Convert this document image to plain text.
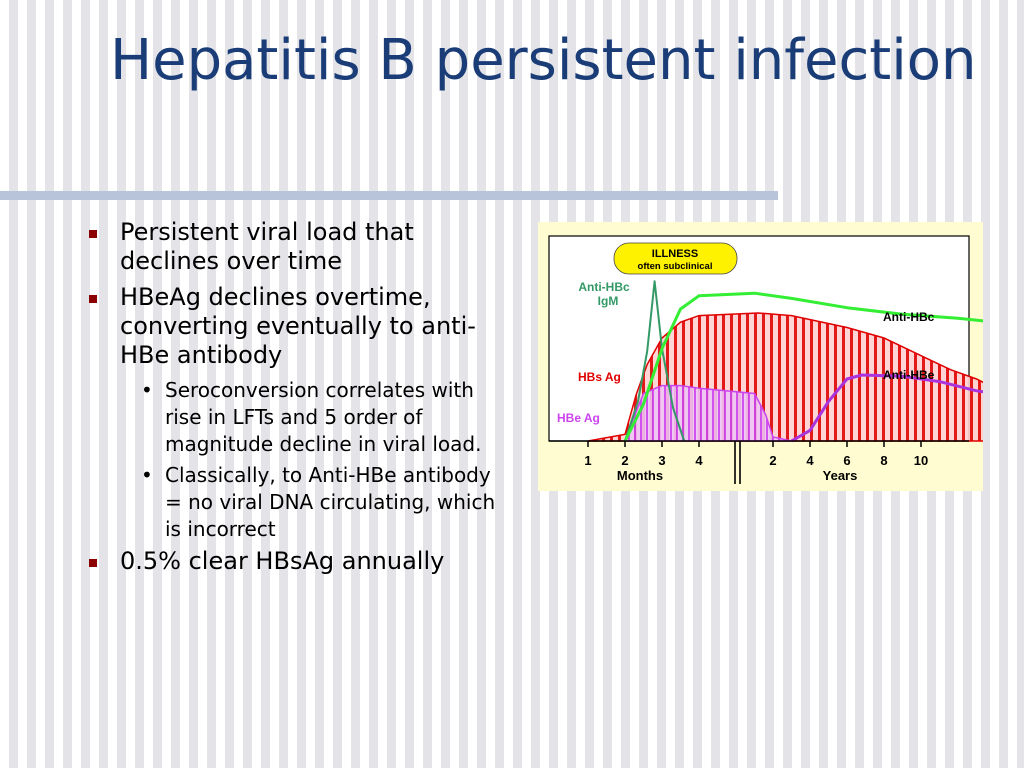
Hepatitis B persistent infection
Persistent viral load that declines over time
HBeAg declines overtime, converting eventually to anti-HBe antibody
• Seroconversion correlates with rise in LFTs and 5 order of magnitude decline in viral load.
• Classically, to Anti-HBe antibody = no viral DNA circulating, which is incorrect
0.5% clear HBsAg annually
1 2 3 4	2 4 6 8 10
Months	Years
ILLNESS
often subclinical
Anti-HBc IgM
HBs Ag
HBe Ag
Anti-HBc
Anti-HBe
